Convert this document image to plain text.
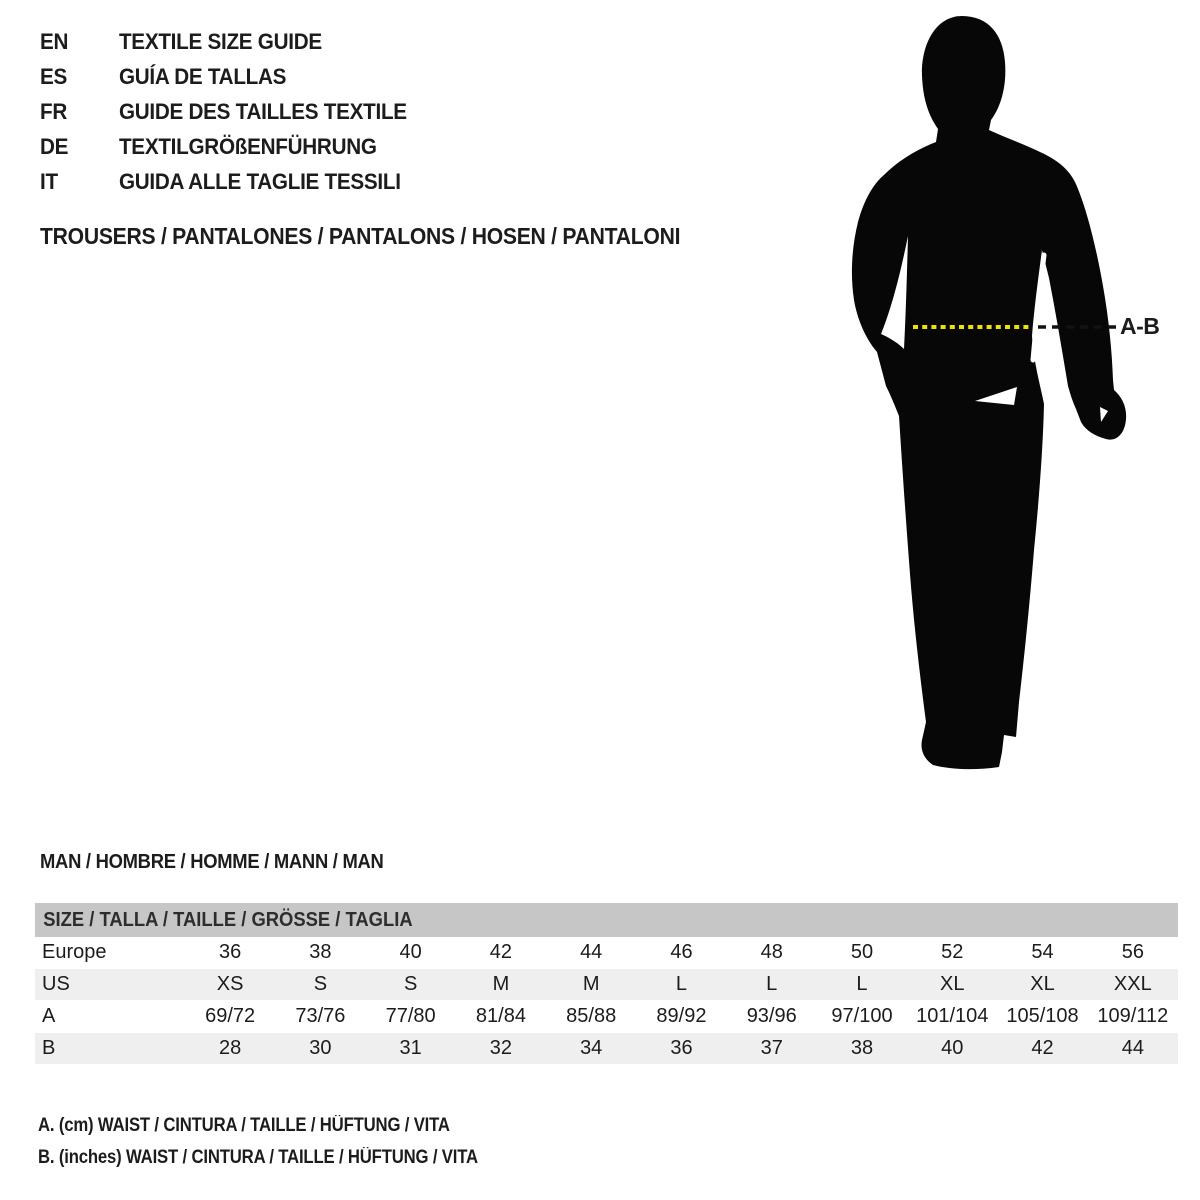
EN	TEXTILE SIZE GUIDE
ES	GUÍA DE TALLAS
FR	GUIDE DES TAILLES TEXTILE
DE	TEXTILGRÖßENFÜHRUNG
IT	GUIDA ALLE TAGLIE TESSILI
TROUSERS / PANTALONES / PANTALONS / HOSEN / PANTALONI
A-B
MAN / HOMBRE / HOMME / MANN / MAN
SIZE / TALLA / TAILLE / GRÖSSE / TAGLIA											
Europe	36	38	40	42	44	46	48	50	52	54	56
US	XS	S	S	M	M	L	L	L	XL	XL	XXL
A	69/72	73/76	77/80	81/84	85/88	89/92	93/96	97/100	101/104	105/108	109/112
B	28	30	31	32	34	36	37	38	40	42	44
A. (cm) WAIST / CINTURA / TAILLE / HÜFTUNG / VITA
B. (inches) WAIST / CINTURA / TAILLE / HÜFTUNG / VITA
